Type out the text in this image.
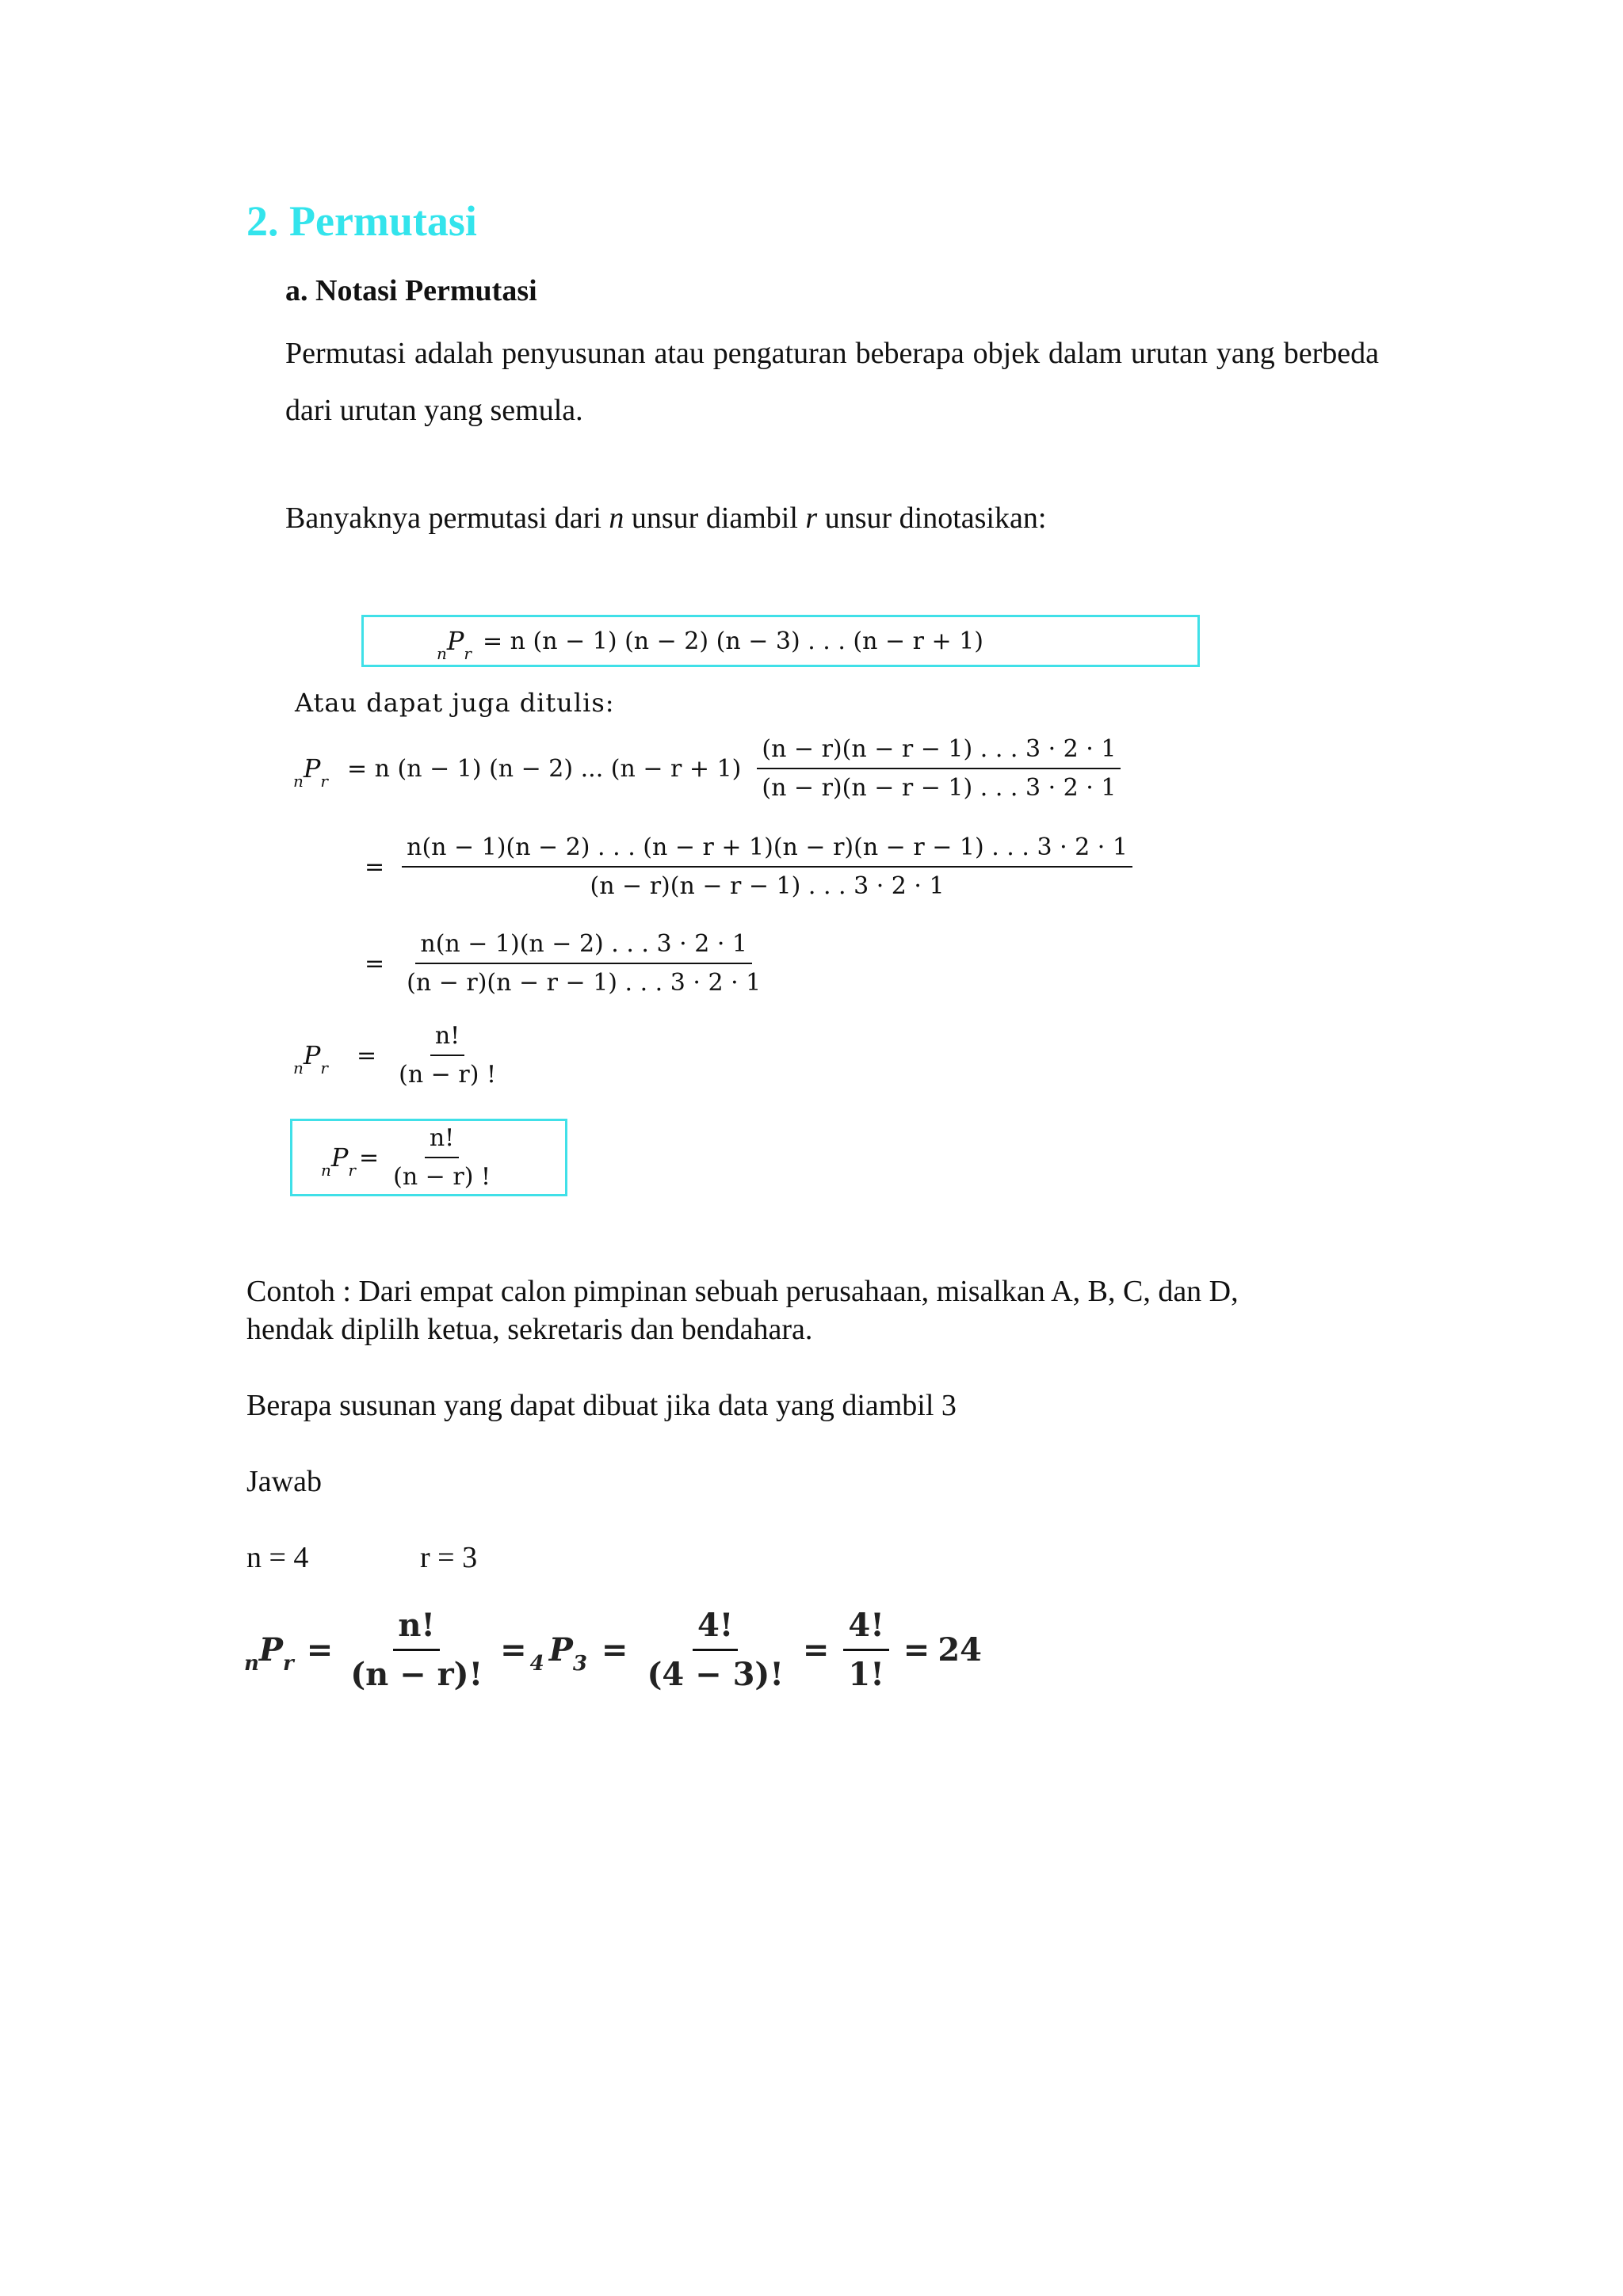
2. Permutasi
a. Notasi Permutasi

Permutasi adalah penyusunan atau pengaturan beberapa objek dalam urutan yang berbeda dari urutan yang semula.

Banyaknya permutasi dari n unsur diambil r unsur dinotasikan:

$_nP_r = n$ (n − 1) (n − 2) (n − 3) . . . (n − r + 1)
Atau dapat juga ditulis:
$_nP_r = n$ (n − 1) (n − 2) ... $(n - r + 1) \frac{(n - r)(n - r - 1) . . . 3 \cdot 2 \cdot 1}{(n - r)(n - r - 1) . . . 3 \cdot 2 \cdot 1}$
=
n(n − 1)(n − 2) . . . (n − r + 1)(n − r)(n − r − 1) . . . 3 · 2 · 1
(n − r)(n − r − 1) . . . 3 · 2 · 1
= $\frac{n(n - 1)(n - 2) . . . 3 \cdot 2 \cdot 1}{(n - r)(n - r - 1) . . . 3 \cdot 2 \cdot 1}$
$_nP_r = \frac{n!}{(n - r) !}$
$_nP_r = \frac{n!}{(n - r) !}$

Contoh : Dari empat calon pimpinan sebuah perusahaan, misalkan A, B, C, dan D,

hendak diplilh ketua, sekretaris dan bendahara.

Berapa susunan yang dapat dibuat jika data yang diambil 3

Jawab

n = 4	r = 3

$_nP_r = \frac{n!}{(n - r)!} = _4$ $P_3 = \frac{4!}{(4 - 3)!} = \frac{4!}{1!} = 24$
